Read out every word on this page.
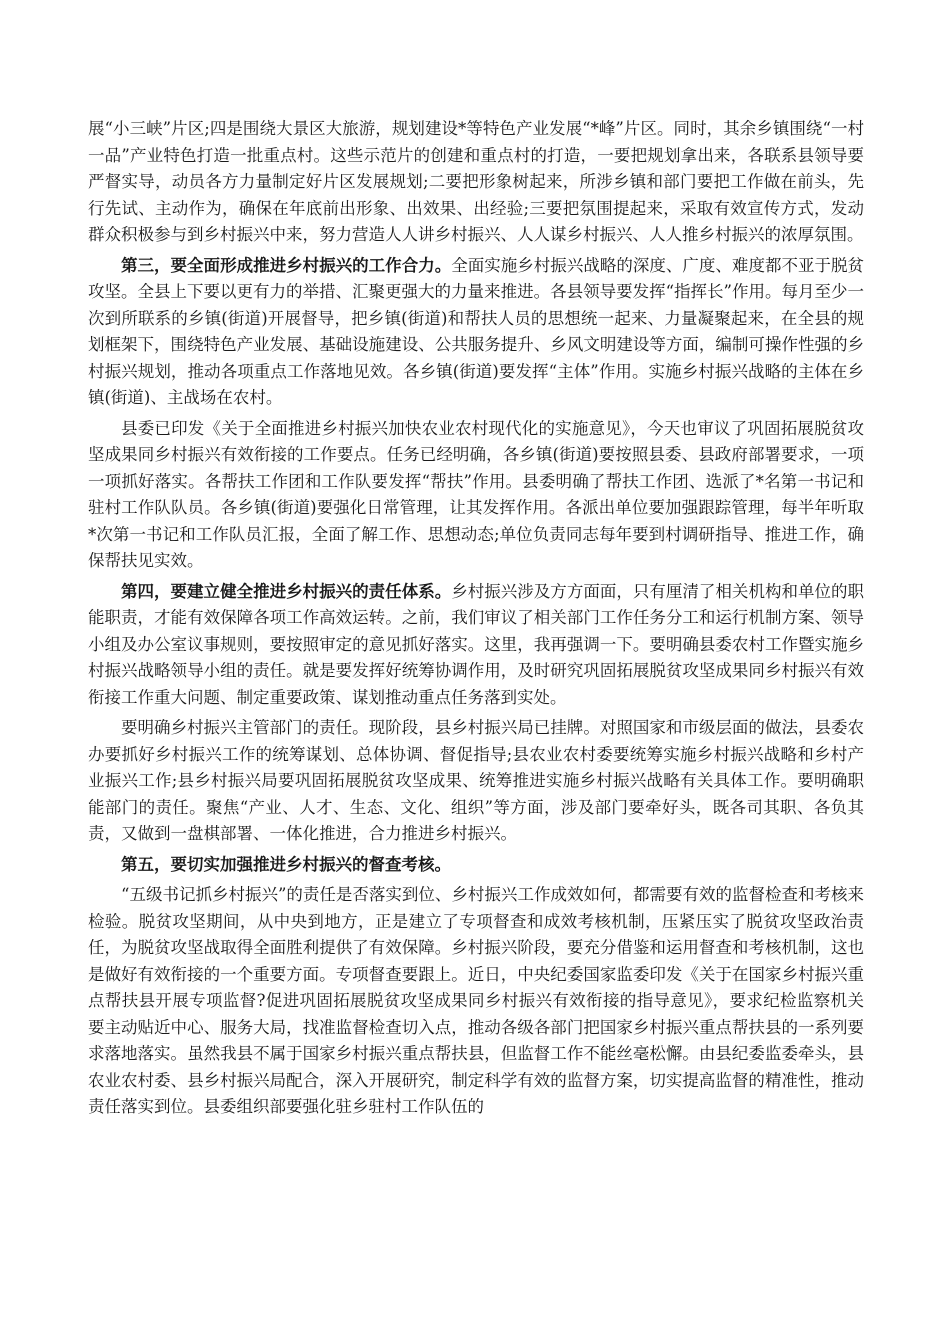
展“小三峡”片区;四是围绕大景区大旅游，规划建设*等特色产业发展“*峰”片区。同时，其余乡镇围绕“一村一品”产业特色打造一批重点村。这些示范片的创建和重点村的打造，一要把规划拿出来，各联系县领导要严督实导，动员各方力量制定好片区发展规划;二要把形象树起来，所涉乡镇和部门要把工作做在前头，先行先试、主动作为，确保在年底前出形象、出效果、出经验;三要把氛围提起来，采取有效宣传方式，发动群众积极参与到乡村振兴中来，努力营造人人讲乡村振兴、人人谋乡村振兴、人人推乡村振兴的浓厚氛围。

第三，要全面形成推进乡村振兴的工作合力。全面实施乡村振兴战略的深度、广度、难度都不亚于脱贫攻坚。全县上下要以更有力的举措、汇聚更强大的力量来推进。各县领导要发挥“指挥长”作用。每月至少一次到所联系的乡镇(街道)开展督导，把乡镇(街道)和帮扶人员的思想统一起来、力量凝聚起来，在全县的规划框架下，围绕特色产业发展、基础设施建设、公共服务提升、乡风文明建设等方面，编制可操作性强的乡村振兴规划，推动各项重点工作落地见效。各乡镇(街道)要发挥“主体”作用。实施乡村振兴战略的主体在乡镇(街道)、主战场在农村。

县委已印发《关于全面推进乡村振兴加快农业农村现代化的实施意见》，今天也审议了巩固拓展脱贫攻坚成果同乡村振兴有效衔接的工作要点。任务已经明确，各乡镇(街道)要按照县委、县政府部署要求，一项一项抓好落实。各帮扶工作团和工作队要发挥“帮扶”作用。县委明确了帮扶工作团、选派了*名第一书记和驻村工作队队员。各乡镇(街道)要强化日常管理，让其发挥作用。各派出单位要加强跟踪管理，每半年听取*次第一书记和工作队员汇报，全面了解工作、思想动态;单位负责同志每年要到村调研指导、推进工作，确保帮扶见实效。

第四，要建立健全推进乡村振兴的责任体系。乡村振兴涉及方方面面，只有厘清了相关机构和单位的职能职责，才能有效保障各项工作高效运转。之前，我们审议了相关部门工作任务分工和运行机制方案、领导小组及办公室议事规则，要按照审定的意见抓好落实。这里，我再强调一下。要明确县委农村工作暨实施乡村振兴战略领导小组的责任。就是要发挥好统筹协调作用，及时研究巩固拓展脱贫攻坚成果同乡村振兴有效衔接工作重大问题、制定重要政策、谋划推动重点任务落到实处。

要明确乡村振兴主管部门的责任。现阶段，县乡村振兴局已挂牌。对照国家和市级层面的做法，县委农办要抓好乡村振兴工作的统筹谋划、总体协调、督促指导;县农业农村委要统筹实施乡村振兴战略和乡村产业振兴工作;县乡村振兴局要巩固拓展脱贫攻坚成果、统筹推进实施乡村振兴战略有关具体工作。要明确职能部门的责任。聚焦“产业、人才、生态、文化、组织”等方面，涉及部门要牵好头，既各司其职、各负其责，又做到一盘棋部署、一体化推进，合力推进乡村振兴。

第五，要切实加强推进乡村振兴的督查考核。

“五级书记抓乡村振兴”的责任是否落实到位、乡村振兴工作成效如何，都需要有效的监督检查和考核来检验。脱贫攻坚期间，从中央到地方，正是建立了专项督查和成效考核机制，压紧压实了脱贫攻坚政治责任，为脱贫攻坚战取得全面胜利提供了有效保障。乡村振兴阶段，要充分借鉴和运用督查和考核机制，这也是做好有效衔接的一个重要方面。专项督查要跟上。近日，中央纪委国家监委印发《关于在国家乡村振兴重点帮扶县开展专项监督?促进巩固拓展脱贫攻坚成果同乡村振兴有效衔接的指导意见》，要求纪检监察机关要主动贴近中心、服务大局，找准监督检查切入点，推动各级各部门把国家乡村振兴重点帮扶县的一系列要求落地落实。虽然我县不属于国家乡村振兴重点帮扶县，但监督工作不能丝毫松懈。由县纪委监委牵头，县农业农村委、县乡村振兴局配合，深入开展研究，制定科学有效的监督方案，切实提高监督的精准性，推动责任落实到位。县委组织部要强化驻乡驻村工作队伍的
